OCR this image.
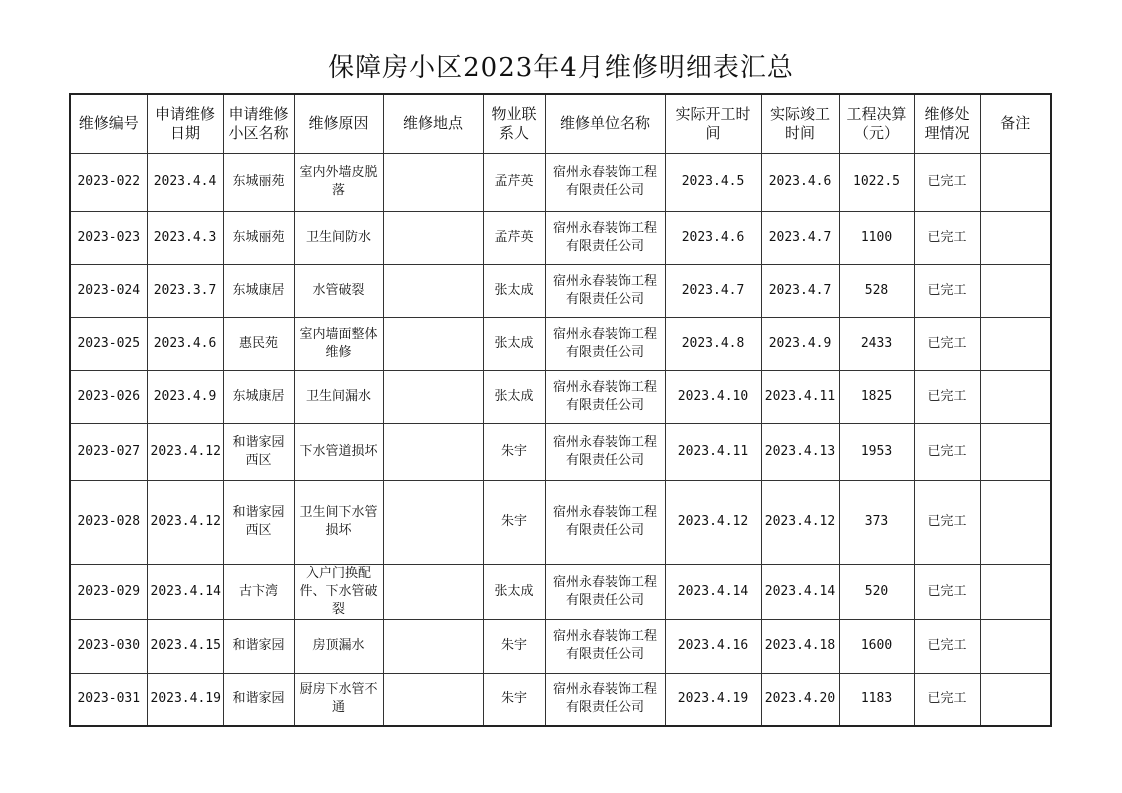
保障房小区2023年4月维修明细表汇总
维修编号	申请维修日期	申请维修小区名称	维修原因	维修地点	物业联系人	维修单位名称	实际开工时间	实际竣工时间	工程决算（元）	维修处理情况	备注
2023-022	2023.4.4	东城丽苑	室内外墙皮脱落		孟芹英	宿州永春装饰工程有限责任公司	2023.4.5	2023.4.6	1022.5	已完工	
2023-023	2023.4.3	东城丽苑	卫生间防水		孟芹英	宿州永春装饰工程有限责任公司	2023.4.6	2023.4.7	1100	已完工	
2023-024	2023.3.7	东城康居	水管破裂		张太成	宿州永春装饰工程有限责任公司	2023.4.7	2023.4.7	528	已完工	
2023-025	2023.4.6	惠民苑	室内墙面整体维修		张太成	宿州永春装饰工程有限责任公司	2023.4.8	2023.4.9	2433	已完工	
2023-026	2023.4.9	东城康居	卫生间漏水		张太成	宿州永春装饰工程有限责任公司	2023.4.10	2023.4.11	1825	已完工	
2023-027	2023.4.12	和谐家园西区	下水管道损坏		朱宇	宿州永春装饰工程有限责任公司	2023.4.11	2023.4.13	1953	已完工	
2023-028	2023.4.12	和谐家园西区	卫生间下水管损坏		朱宇	宿州永春装饰工程有限责任公司	2023.4.12	2023.4.12	373	已完工	
2023-029	2023.4.14	古卞湾	入户门换配件、下水管破裂		张太成	宿州永春装饰工程有限责任公司	2023.4.14	2023.4.14	520	已完工	
2023-030	2023.4.15	和谐家园	房顶漏水		朱宇	宿州永春装饰工程有限责任公司	2023.4.16	2023.4.18	1600	已完工	
2023-031	2023.4.19	和谐家园	厨房下水管不通		朱宇	宿州永春装饰工程有限责任公司	2023.4.19	2023.4.20	1183	已完工	
